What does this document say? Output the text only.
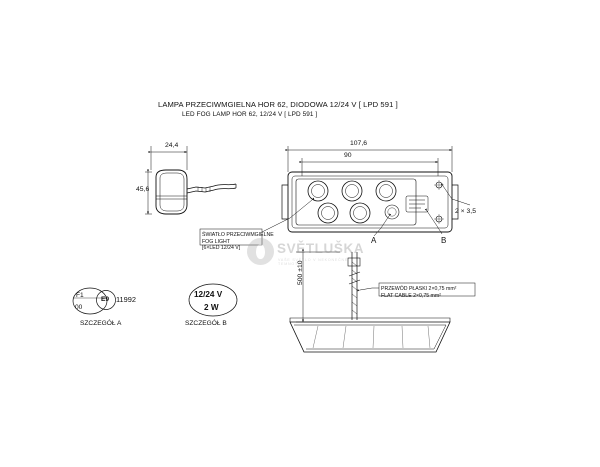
LAMPA PRZECIWMGIELNA HOR 62, DIODOWA 12/24 V [ LPD 591 ]
LED FOG LAMP HOR 62, 12/24 V [ LPD 591 ]
24,4
45,6
107,6
90
500 ±10
2 × 3,5
ŚWIATŁO PRZECIWMGIELNE
FOG LIGHT
[6×LED 12/24 V]
PRZEWÓD PŁASKI 2×0,75 mm²
FLAT CABLE 2×0,75 mm²
A	B
F1
00
E9 11992
SZCZEGÓŁ A
12/24 V
2 W
SZCZEGÓŁ B
SVĚTLUŠKA
VAŠE SVĚTLO V NEKONEČNÉ TEMNOTĚ
